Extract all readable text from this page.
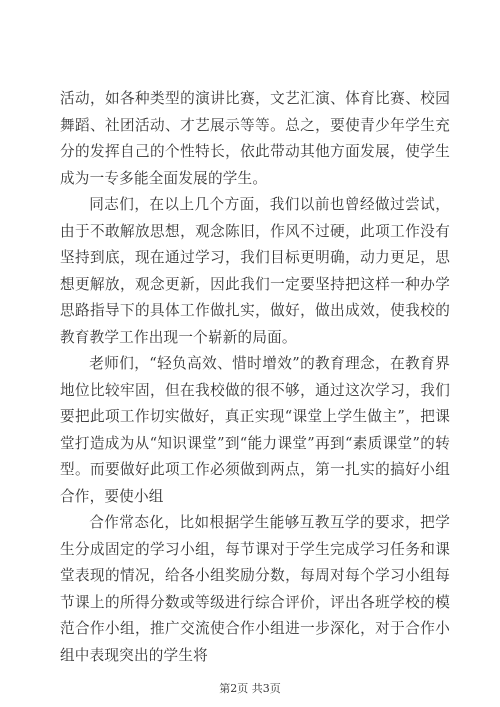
活动，如各种类型的演讲比赛，文艺汇演、体育比赛、校园舞蹈、社团活动、才艺展示等等。总之，要使青少年学生充分的发挥自己的个性特长，依此带动其他方面发展，使学生成为一专多能全面发展的学生。

同志们，在以上几个方面，我们以前也曾经做过尝试，由于不敢解放思想，观念陈旧，作风不过硬，此项工作没有坚持到底，现在通过学习，我们目标更明确，动力更足，思想更解放，观念更新，因此我们一定要坚持把这样一种办学思路指导下的具体工作做扎实，做好，做出成效，使我校的教育教学工作出现一个崭新的局面。

老师们，“轻负高效、惜时增效”的教育理念，在教育界地位比较牢固，但在我校做的很不够，通过这次学习，我们要把此项工作切实做好，真正实现“课堂上学生做主”，把课堂打造成为从“知识课堂”到“能力课堂”再到“素质课堂”的转型。而要做好此项工作必须做到两点，第一扎实的搞好小组合作，要使小组

合作常态化，比如根据学生能够互教互学的要求，把学生分成固定的学习小组，每节课对于学生完成学习任务和课堂表现的情况，给各小组奖励分数，每周对每个学习小组每节课上的所得分数或等级进行综合评价，评出各班学校的模范合作小组，推广交流使合作小组进一步深化，对于合作小组中表现突出的学生将

第2页 共3页
